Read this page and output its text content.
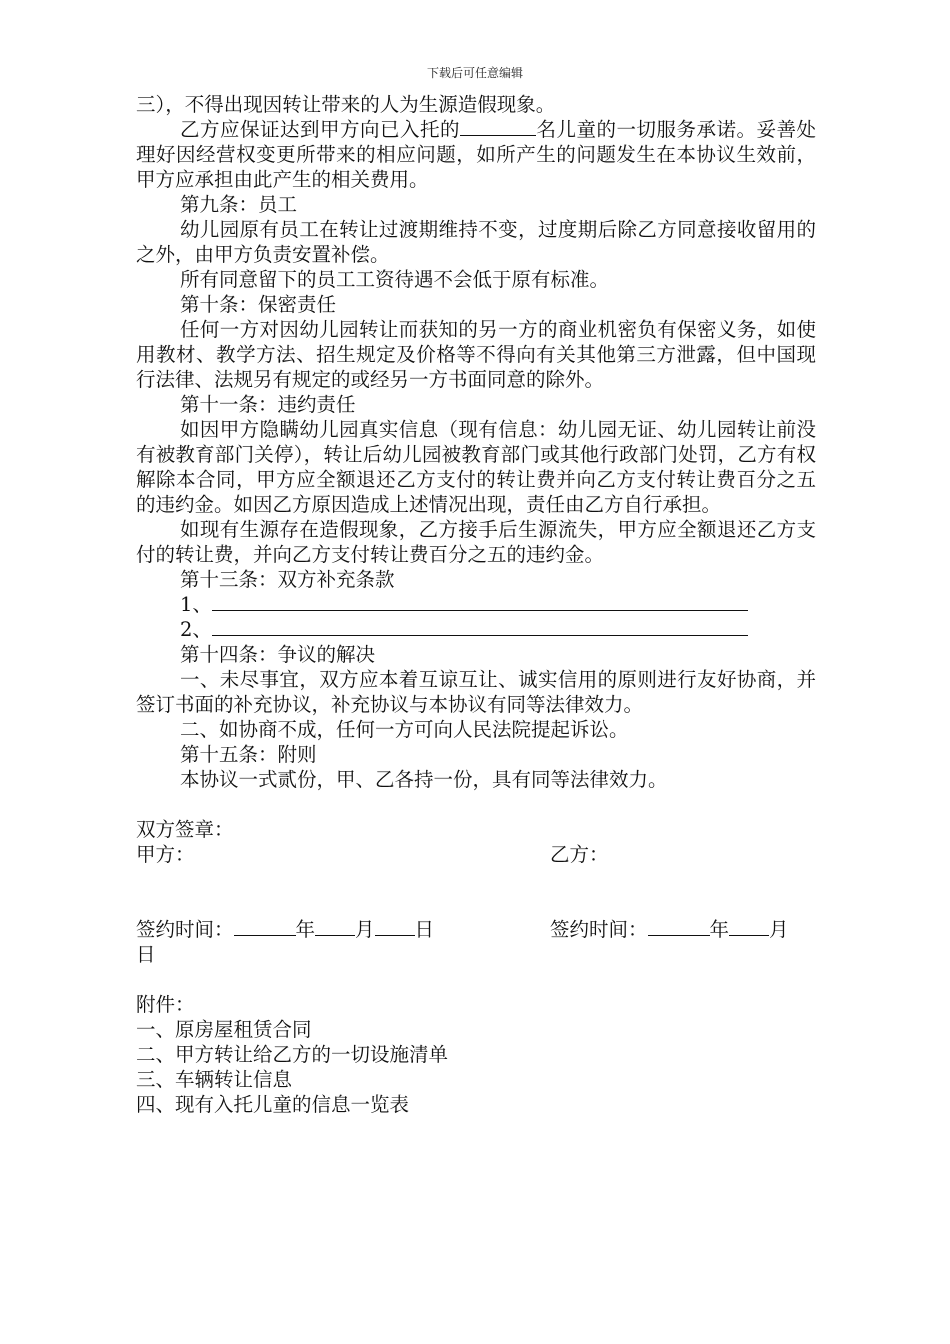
下载后可任意编辑

三），不得出现因转让带来的人为生源造假现象。

乙方应保证达到甲方向已入托的	名儿童的一切服务承诺。妥善处理好因经营权变更所带来的相应问题，如所产生的问题发生在本协议生效前，甲方应承担由此产生的相关费用。

第九条：员工

幼儿园原有员工在转让过渡期维持不变，过度期后除乙方同意接收留用的之外，由甲方负责安置补偿。

所有同意留下的员工工资待遇不会低于原有标准。

第十条：保密责任

任何一方对因幼儿园转让而获知的另一方的商业机密负有保密义务，如使用教材、教学方法、招生规定及价格等不得向有关其他第三方泄露，但中国现行法律、法规另有规定的或经另一方书面同意的除外。

第十一条：违约责任

如因甲方隐瞒幼儿园真实信息（现有信息：幼儿园无证、幼儿园转让前没有被教育部门关停），转让后幼儿园被教育部门或其他行政部门处罚，乙方有权解除本合同，甲方应全额退还乙方支付的转让费并向乙方支付转让费百分之五的违约金。如因乙方原因造成上述情况出现，责任由乙方自行承担。

如现有生源存在造假现象，乙方接手后生源流失，甲方应全额退还乙方支付的转让费，并向乙方支付转让费百分之五的违约金。

第十三条：双方补充条款

1、

2、

第十四条：争议的解决

一、未尽事宜，双方应本着互谅互让、诚实信用的原则进行友好协商，并签订书面的补充协议，补充协议与本协议有同等法律效力。

二、如协商不成，任何一方可向人民法院提起诉讼。

第十五条：附则

本协议一式贰份，甲、乙各持一份，具有同等法律效力。

双方签章：

甲方：	乙方：
签约时间：	年 月 日	签约时间：	年 月

日

附件：

一、原房屋租赁合同

二、甲方转让给乙方的一切设施清单

三、车辆转让信息

四、现有入托儿童的信息一览表
